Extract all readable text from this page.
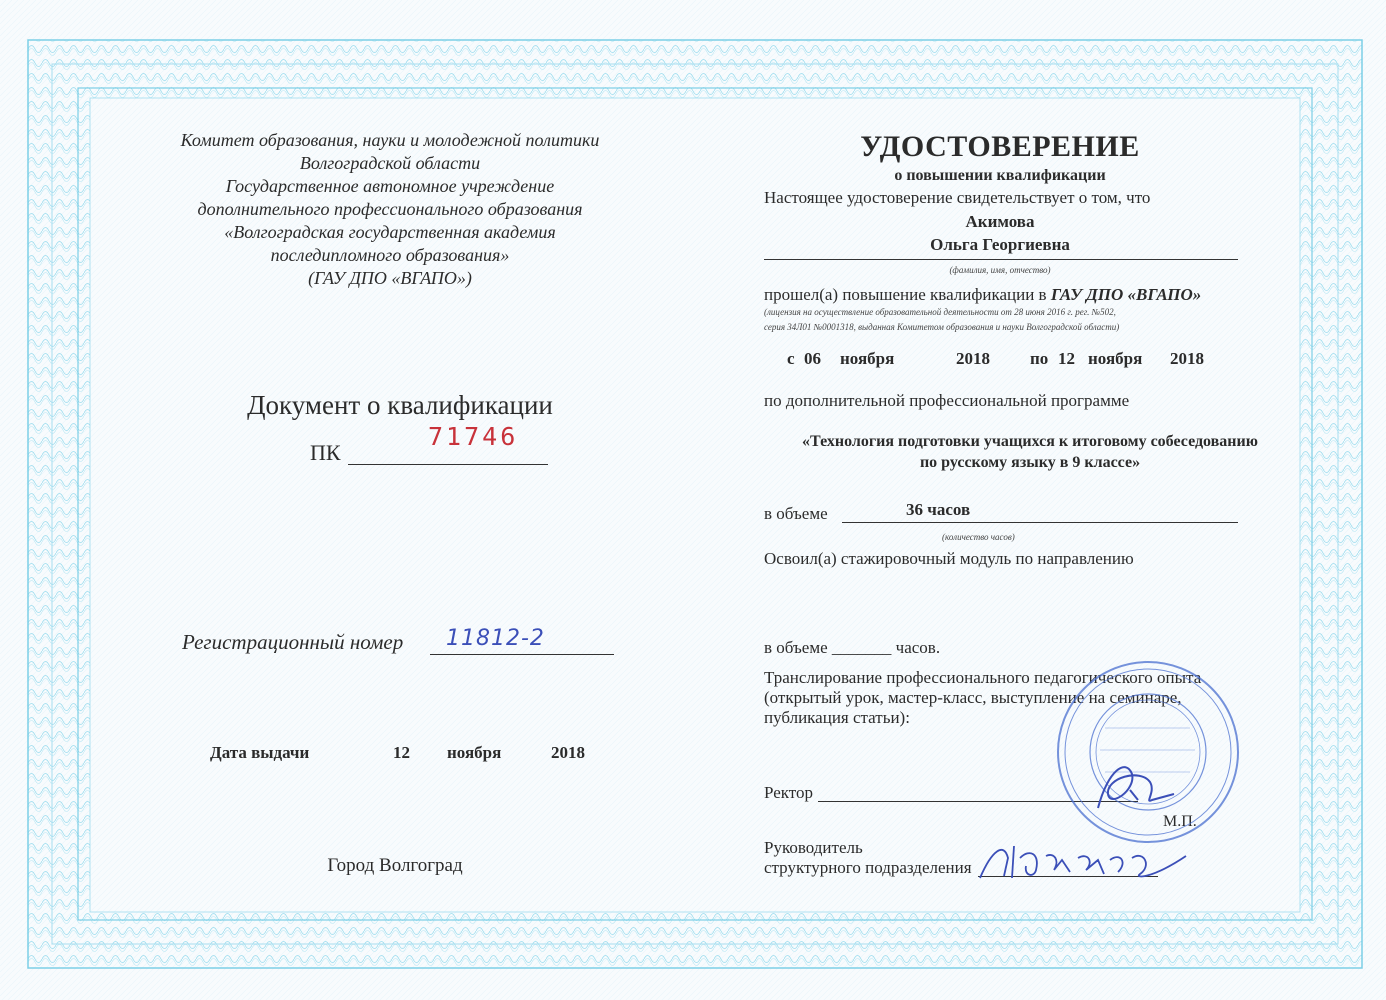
Комитет образования, науки и молодежной политики

Волгоградской области

Государственное автономное учреждение

дополнительного профессионального образования

«Волгоградская государственная академия

последипломного образования»

(ГАУ ДПО «ВГАПО»)

Документ о квалификации

ПК

71746

Регистрационный номер 11812-2

Дата выдачи	12 ноября	2018

Город Волгоград

УДОСТОВЕРЕНИЕ

о повышении квалификации

Настоящее удостоверение свидетельствует о том, что

Акимова

Ольга Георгиевна

(фамилия, имя, отчество)

прошел(а) повышение квалификации в ГАУ ДПО «ВГАПО»

(лицензия на осуществление образовательной деятельности от 28 июня 2016 г. рег. №502,

серия 34Л01 №0001318, выданная Комитетом образования и науки Волгоградской области)

с 06 ноября	2018 по 12 ноября 2018

по дополнительной профессиональной программе

«Технология подготовки учащихся к итоговому собеседованию

по русскому языку в 9 классе»

в объеме	36 часов

(количество часов)

Освоил(а) стажировочный модуль по направлению

в объеме _______ часов.

Транслирование профессионального педагогического опыта

(открытый урок, мастер-класс, выступление на семинаре,

публикация статьи):

Ректор

М.П.

Руководитель

структурного подразделения
